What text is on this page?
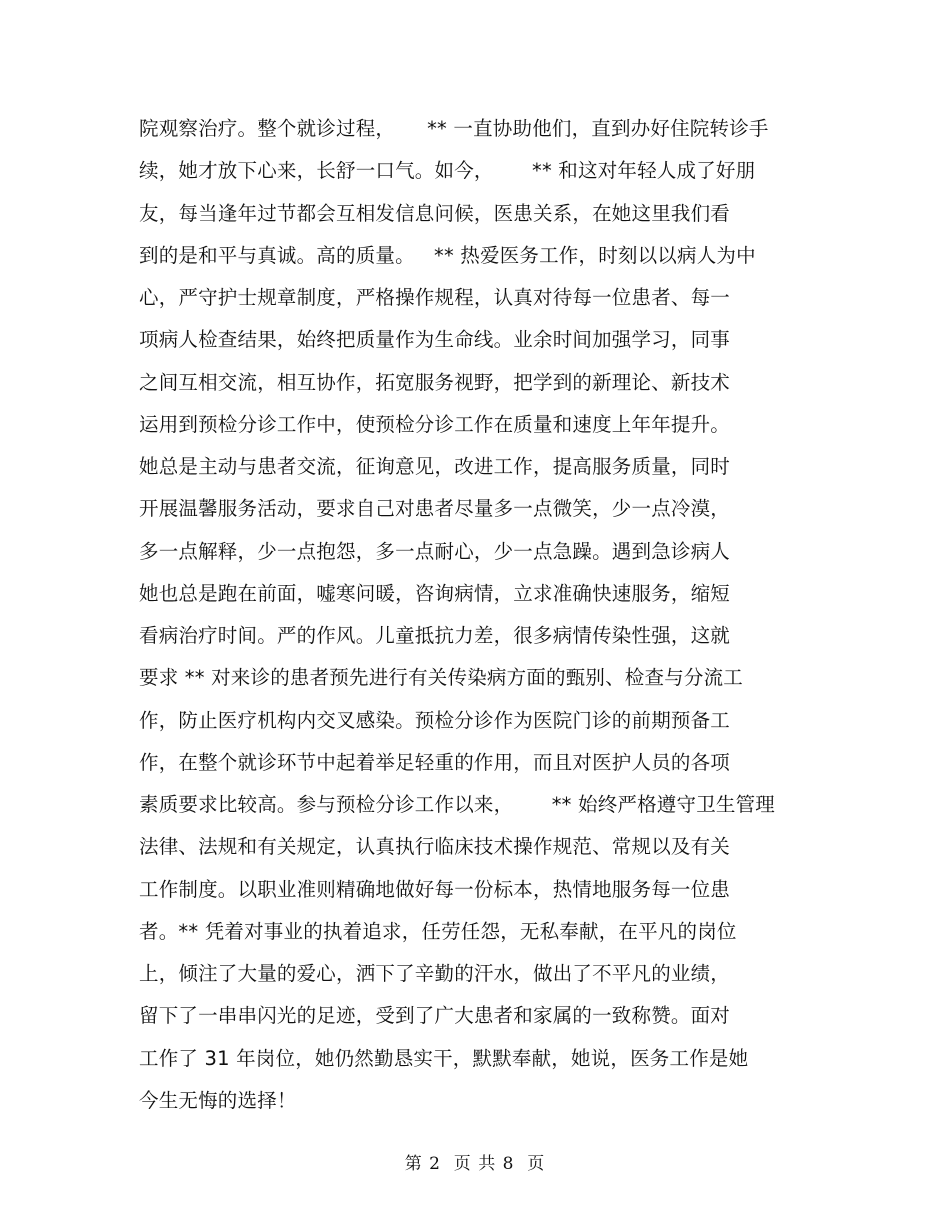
院观察治疗。整个就诊过程，     ** 一直协助他们，直到办好住院转诊手
续，她才放下心来，长舒一口气。如今，      ** 和这对年轻人成了好朋
友，每当逢年过节都会互相发信息问候，医患关系，在她这里我们看
到的是和平与真诚。高的质量。   ** 热爱医务工作，时刻以以病人为中
心，严守护士规章制度，严格操作规程，认真对待每一位患者、每一
项病人检查结果，始终把质量作为生命线。业余时间加强学习，同事
之间互相交流，相互协作，拓宽服务视野，把学到的新理论、新技术
运用到预检分诊工作中，使预检分诊工作在质量和速度上年年提升。
她总是主动与患者交流，征询意见，改进工作，提高服务质量，同时
开展温馨服务活动，要求自己对患者尽量多一点微笑，少一点冷漠，
多一点解释，少一点抱怨，多一点耐心，少一点急躁。遇到急诊病人
她也总是跑在前面，嘘寒问暖，咨询病情，立求准确快速服务，缩短
看病治疗时间。严的作风。儿童抵抗力差，很多病情传染性强，这就
要求 ** 对来诊的患者预先进行有关传染病方面的甄别、检查与分流工
作，防止医疗机构内交叉感染。预检分诊作为医院门诊的前期预备工
作，在整个就诊环节中起着举足轻重的作用，而且对医护人员的各项
素质要求比较高。参与预检分诊工作以来，      ** 始终严格遵守卫生管理
法律、法规和有关规定，认真执行临床技术操作规范、常规以及有关
工作制度。以职业准则精确地做好每一份标本，热情地服务每一位患
者。** 凭着对事业的执着追求，任劳任怨，无私奉献，在平凡的岗位
上，倾注了大量的爱心，洒下了辛勤的汗水，做出了不平凡的业绩，
留下了一串串闪光的足迹，受到了广大患者和家属的一致称赞。面对
工作了 31 年岗位，她仍然勤恳实干，默默奉献，她说，医务工作是她
今生无悔的选择！
第 2  页 共 8  页
